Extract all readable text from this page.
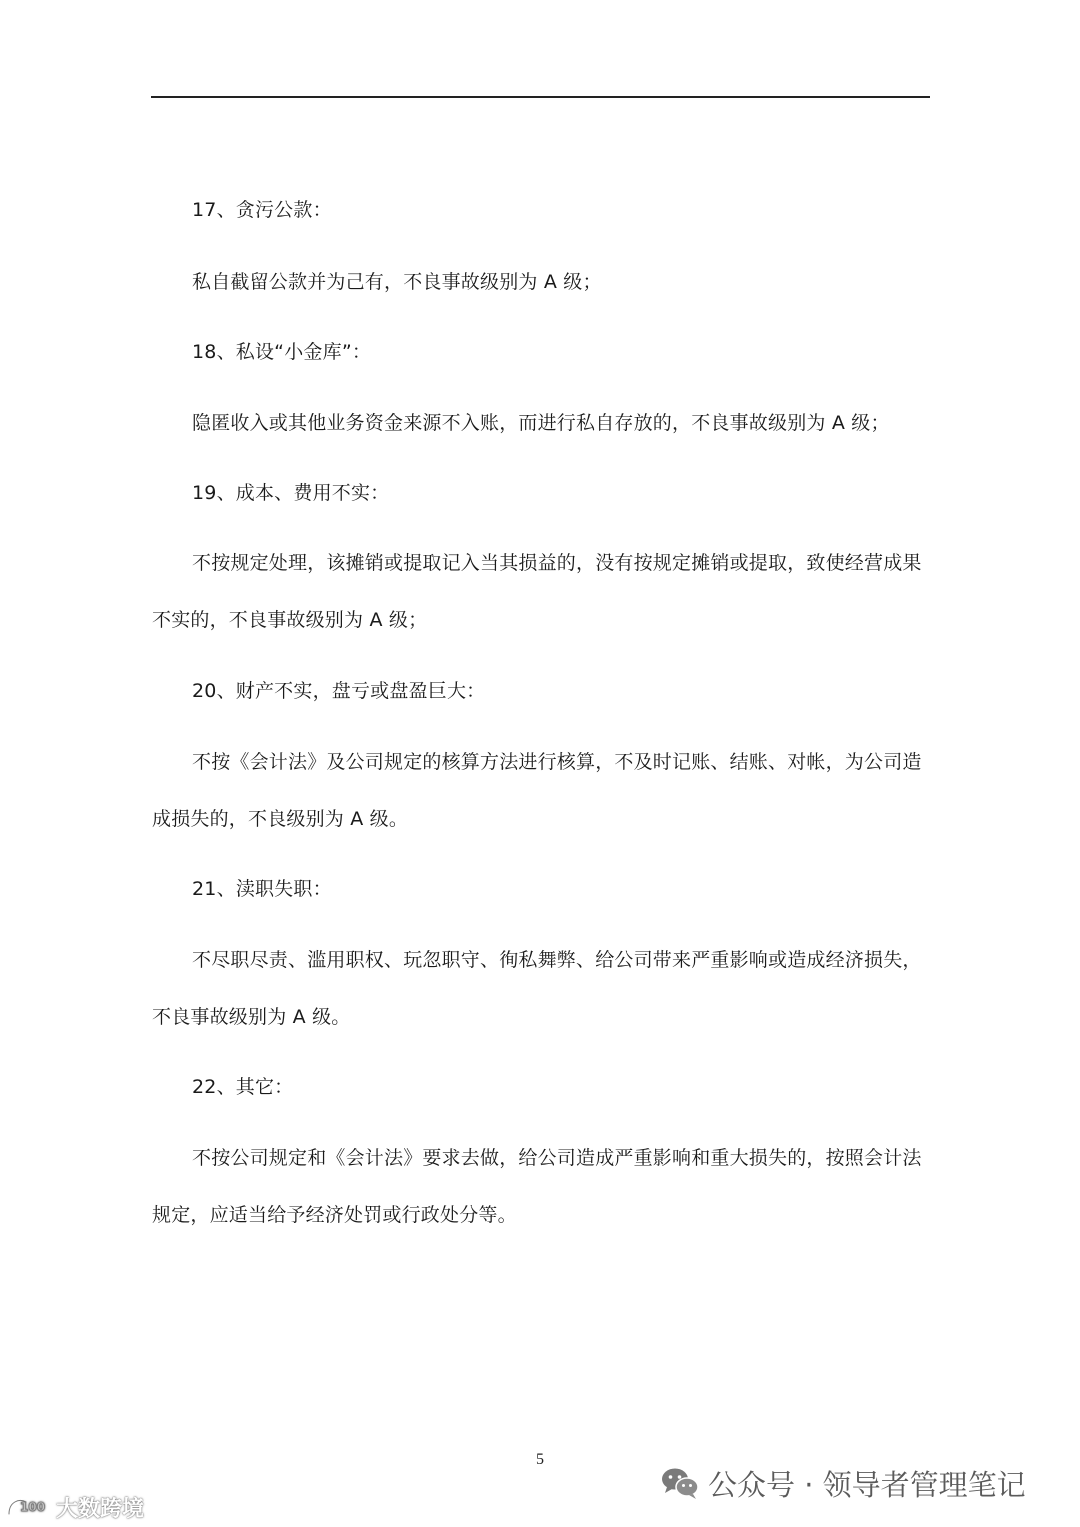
17、贪污公款：
私自截留公款并为己有，不良事故级别为 A 级；
18、私设“小金库”：
隐匿收入或其他业务资金来源不入账，而进行私自存放的，不良事故级别为 A 级；
19、成本、费用不实：
不按规定处理，该摊销或提取记入当其损益的，没有按规定摊销或提取，致使经营成果
不实的，不良事故级别为 A 级；
20、财产不实，盘亏或盘盈巨大：
不按《会计法》及公司规定的核算方法进行核算，不及时记账、结账、对帐，为公司造
成损失的，不良级别为 A 级。
21、渎职失职：
不尽职尽责、滥用职权、玩忽职守、徇私舞弊、给公司带来严重影响或造成经济损失，
不良事故级别为 A 级。
22、其它：
不按公司规定和《会计法》要求去做，给公司造成严重影响和重大损失的，按照会计法
规定，应适当给予经济处罚或行政处分等。
5
公众号 · 领导者管理笔记
100 大数跨境
